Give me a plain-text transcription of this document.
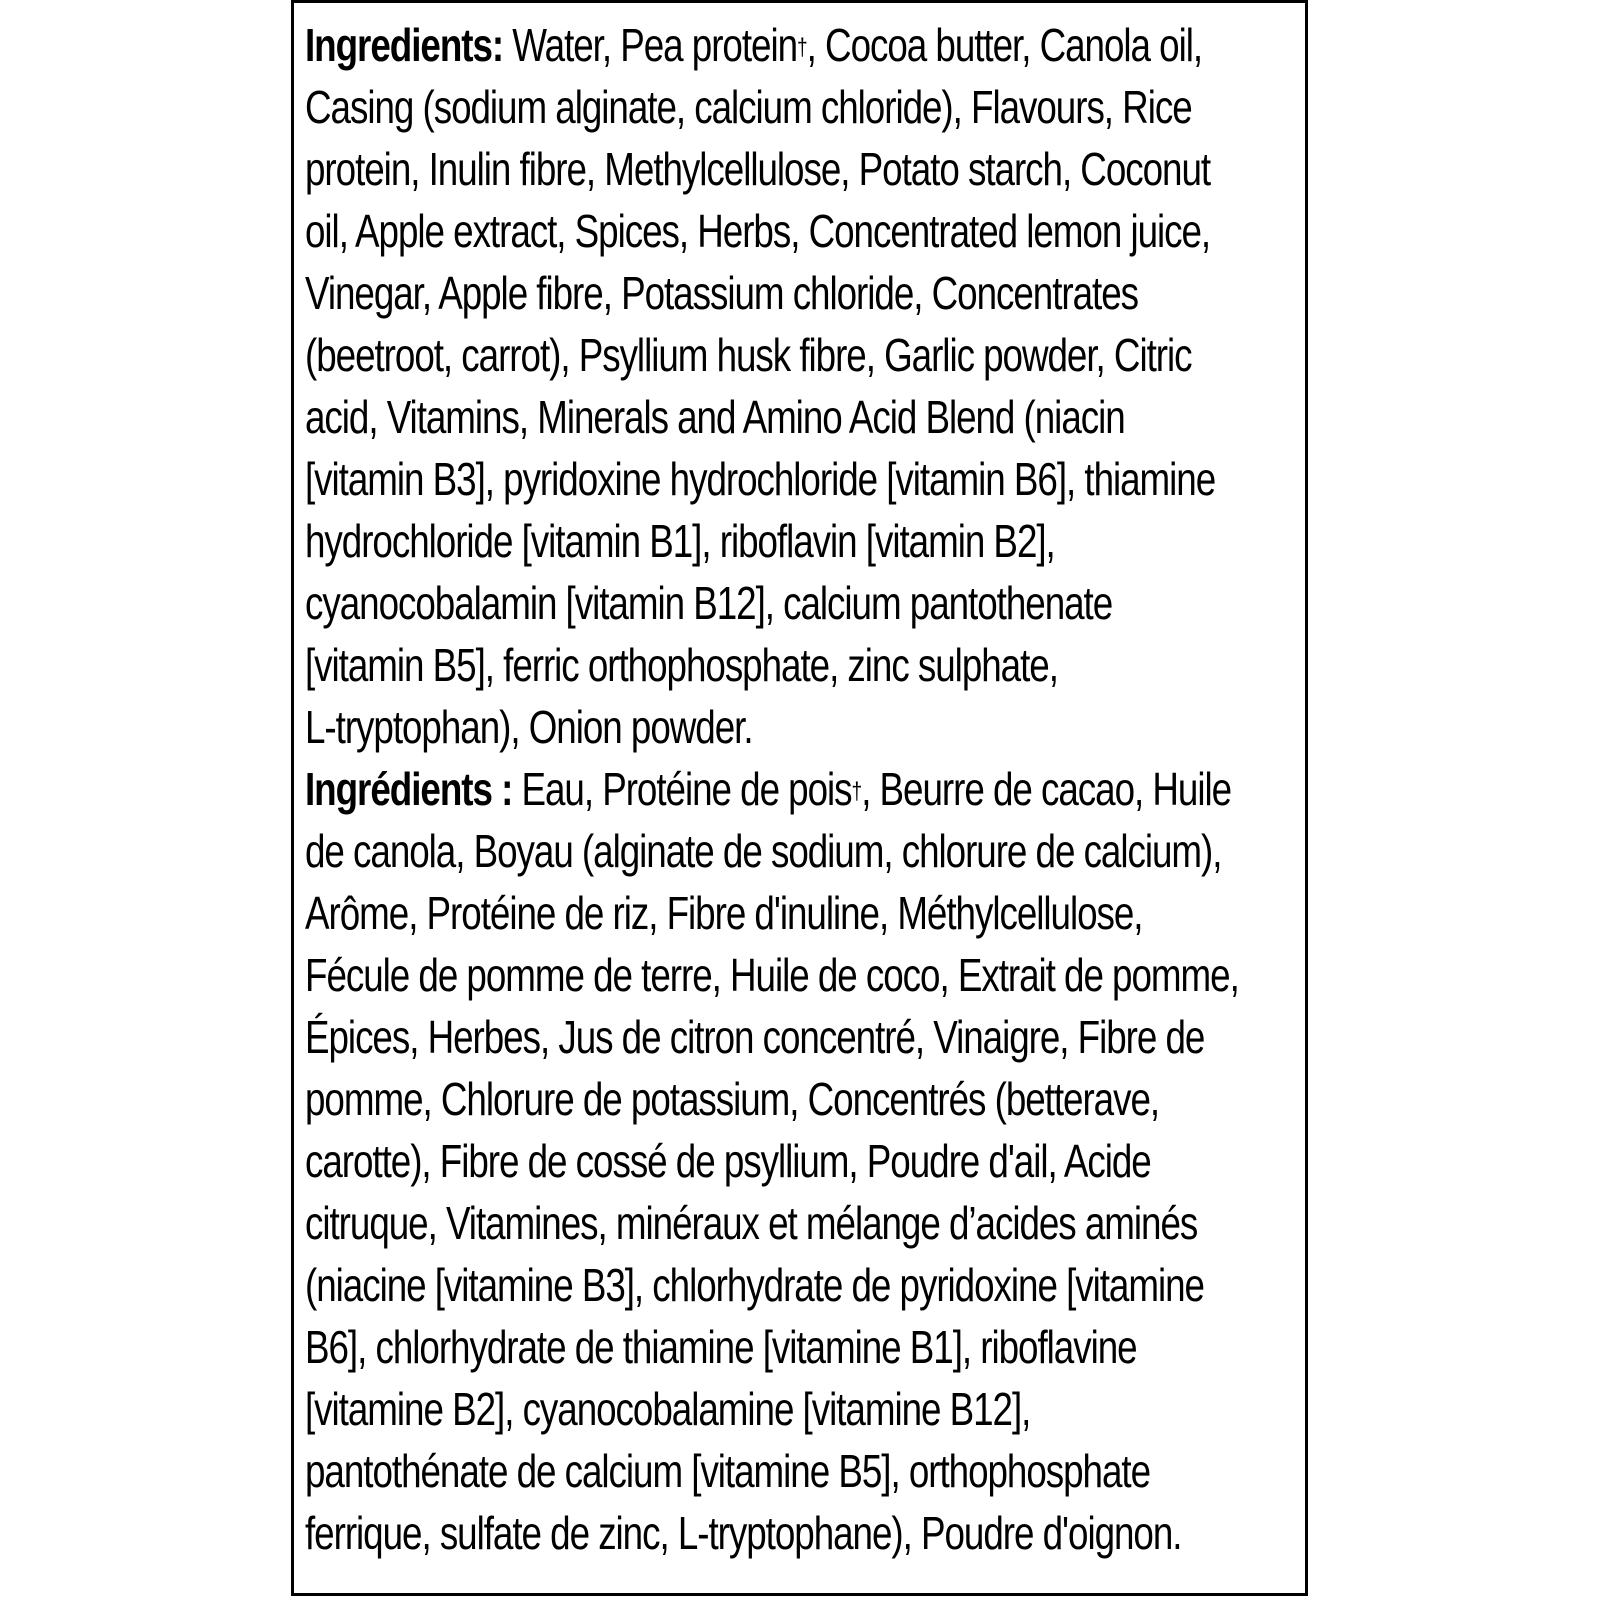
Ingredients: Water, Pea protein†, Cocoa butter, Canola oil,
Casing (sodium alginate, calcium chloride), Flavours, Rice
protein, Inulin fibre, Methylcellulose, Potato starch, Coconut
oil, Apple extract, Spices, Herbs, Concentrated lemon juice,
Vinegar, Apple fibre, Potassium chloride, Concentrates
(beetroot, carrot), Psyllium husk fibre, Garlic powder, Citric
acid, Vitamins, Minerals and Amino Acid Blend (niacin
[vitamin B3], pyridoxine hydrochloride [vitamin B6], thiamine
hydrochloride [vitamin B1], riboflavin [vitamin B2],
cyanocobalamin [vitamin B12], calcium pantothenate
[vitamin B5], ferric orthophosphate, zinc sulphate,
L-tryptophan), Onion powder.
Ingrédients : Eau, Protéine de pois†, Beurre de cacao, Huile
de canola, Boyau (alginate de sodium, chlorure de calcium),
Arôme, Protéine de riz, Fibre d'inuline, Méthylcellulose,
Fécule de pomme de terre, Huile de coco, Extrait de pomme,
Épices, Herbes, Jus de citron concentré, Vinaigre, Fibre de
pomme, Chlorure de potassium, Concentrés (betterave,
carotte), Fibre de cossé de psyllium, Poudre d'ail, Acide
citruque, Vitamines, minéraux et mélange d’acides aminés
(niacine [vitamine B3], chlorhydrate de pyridoxine [vitamine
B6], chlorhydrate de thiamine [vitamine B1], riboflavine
[vitamine B2], cyanocobalamine [vitamine B12],
pantothénate de calcium [vitamine B5], orthophosphate
ferrique, sulfate de zinc, L-tryptophane), Poudre d'oignon.
